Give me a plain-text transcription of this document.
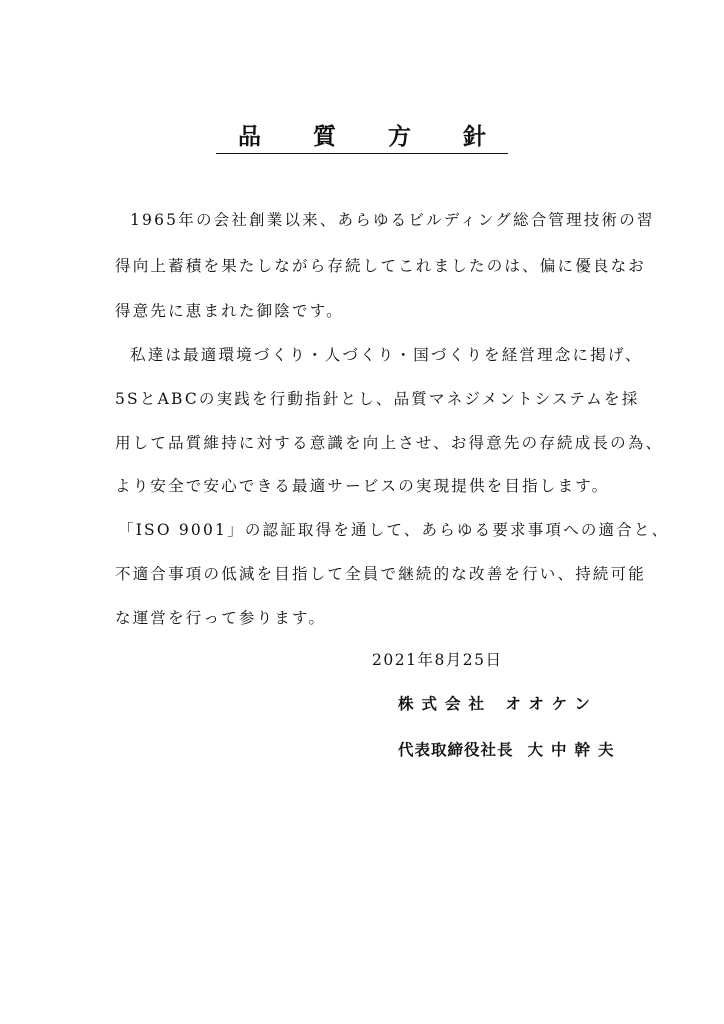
品 質 方 針

1965年の会社創業以来、あらゆるビルディング総合管理技術の習

得向上蓄積を果たしながら存続してこれましたのは、偏に優良なお

得意先に恵まれた御陰です。

私達は最適環境づくり・人づくり・国づくりを経営理念に掲げ、

5SとABCの実践を行動指針とし、品質マネジメントシステムを採

用して品質維持に対する意識を向上させ、お得意先の存続成長の為、

より安全で安心できる最適サービスの実現提供を目指します。

「ISO 9001」の認証取得を通して、あらゆる要求事項への適合と、

不適合事項の低減を目指して全員で継続的な改善を行い、持続可能

な運営を行って参ります。

2021年8月25日

株式会社 オオケン

代表取締役社長 大中幹夫
